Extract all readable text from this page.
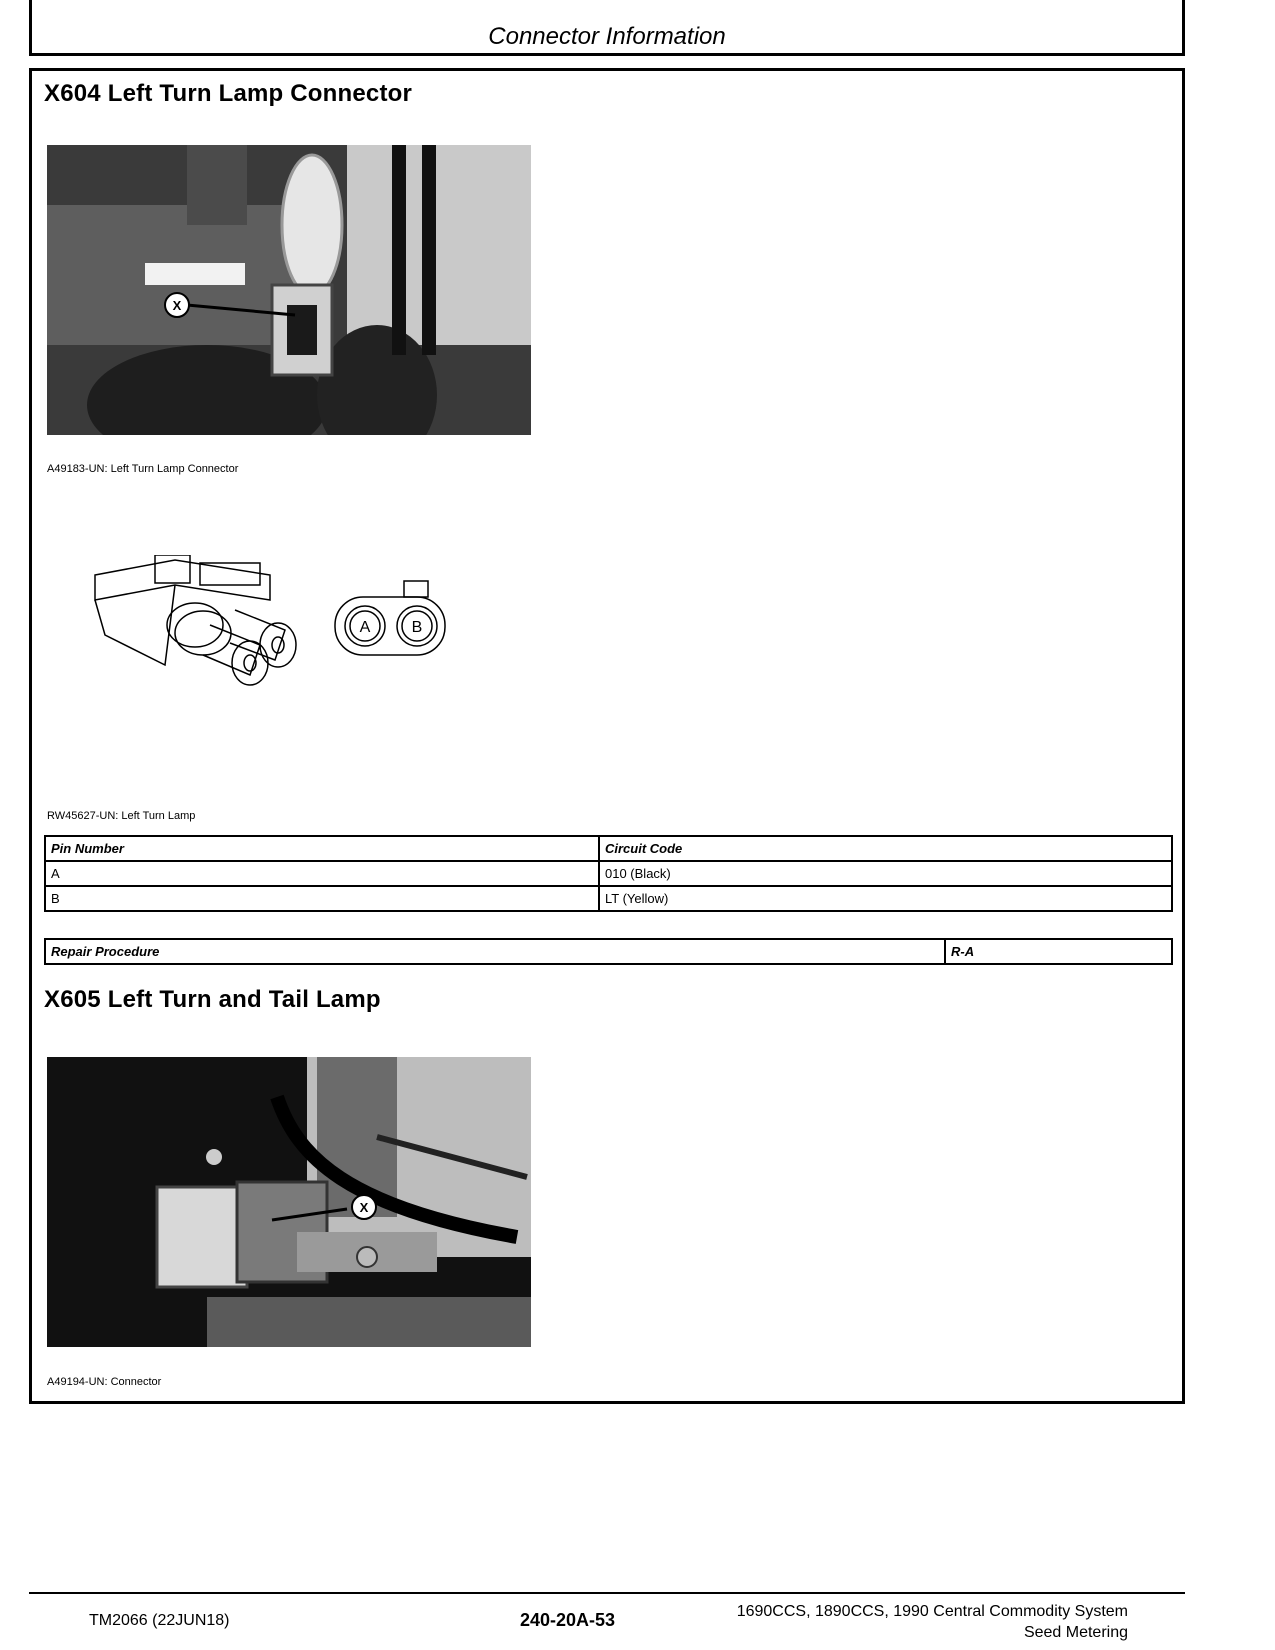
Connector Information
X604 Left Turn Lamp Connector
X
A49183-UN: Left Turn Lamp Connector
A	B
RW45627-UN: Left Turn Lamp
Pin Number	Circuit Code
A	010 (Black)
B	LT (Yellow)
Repair Procedure	R-A
X605 Left Turn and Tail Lamp
X
A49194-UN: Connector
TM2066 (22JUN18)	240-20A-53	1690CCS, 1890CCS, 1990 Central Commodity System
Seed Metering
